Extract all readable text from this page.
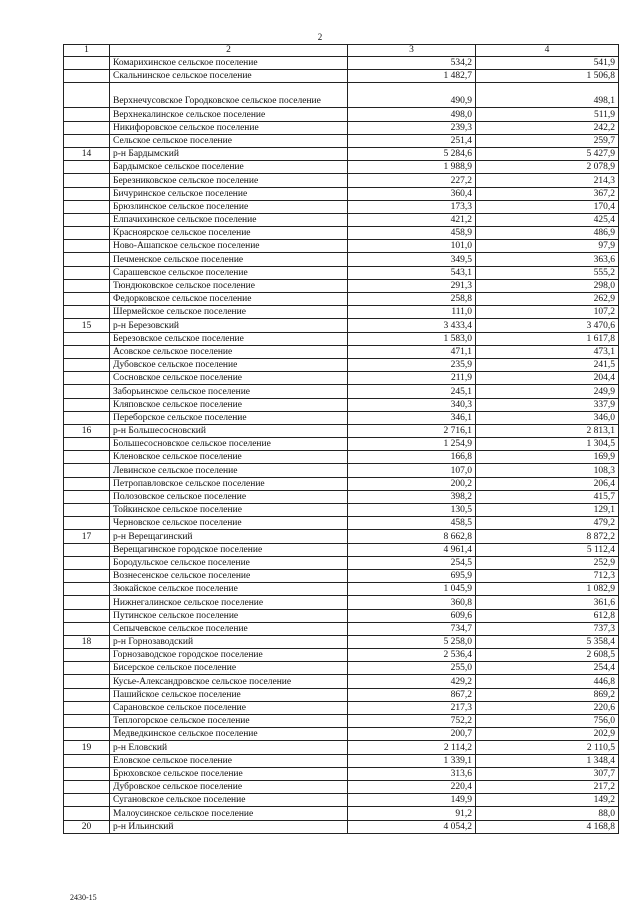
2
1	2	3	4
	Комарихинское сельское поселение	534,2	541,9
	Скальнинское сельское поселение	1 482,7	1 506,8
	Верхнечусовское Городковское сельское поселение	490,9	498,1
	Верхнекалинское сельское поселение	498,0	511,9
	Никифоровское сельское поселение	239,3	242,2
	Сельское сельское поселение	251,4	259,7
14	р-н Бардымский	5 284,6	5 427,9
	Бардымское сельское поселение	1 988,9	2 078,9
	Березниковское сельское поселение	227,2	214,3
	Бичуринское сельское поселение	360,4	367,2
	Брюзлинское сельское поселение	173,3	170,4
	Елпачихинское сельское поселение	421,2	425,4
	Красноярское сельское поселение	458,9	486,9
	Ново-Ашапское сельское поселение	101,0	97,9
	Печменское сельское поселение	349,5	363,6
	Сарашевское сельское поселение	543,1	555,2
	Тюндюковское сельское поселение	291,3	298,0
	Федорковское сельское поселение	258,8	262,9
	Шермейское сельское поселение	111,0	107,2
15	р-н Березовский	3 433,4	3 470,6
	Березовское сельское поселение	1 583,0	1 617,8
	Асовское сельское поселение	471,1	473,1
	Дубовское сельское поселение	235,9	241,5
	Сосновское сельское поселение	211,9	204,4
	Заборьинское сельское поселение	245,1	249,9
	Кляповское сельское поселение	340,3	337,9
	Переборское сельское поселение	346,1	346,0
16	р-н Большесосновский	2 716,1	2 813,1
	Большесосновское сельское поселение	1 254,9	1 304,5
	Кленовское сельское поселение	166,8	169,9
	Левинское сельское поселение	107,0	108,3
	Петропавловское сельское поселение	200,2	206,4
	Полозовское сельское поселение	398,2	415,7
	Тойкинское сельское поселение	130,5	129,1
	Черновское сельское поселение	458,5	479,2
17	р-н Верещагинский	8 662,8	8 872,2
	Верещагинское городское поселение	4 961,4	5 112,4
	Бородульское сельское поселение	254,5	252,9
	Вознесенское сельское поселение	695,9	712,3
	Зюкайское сельское поселение	1 045,9	1 082,9
	Нижнегалинское сельское поселение	360,8	361,6
	Путинское сельское поселение	609,6	612,8
	Сепычевское сельское поселение	734,7	737,3
18	р-н Горнозаводский	5 258,0	5 358,4
	Горнозаводское городское поселение	2 536,4	2 608,5
	Бисерское сельское поселение	255,0	254,4
	Кусье-Александровское сельское поселение	429,2	446,8
	Пашийское сельское поселение	867,2	869,2
	Сарановское сельское поселение	217,3	220,6
	Теплогорское сельское поселение	752,2	756,0
	Медведкинское сельское поселение	200,7	202,9
19	р-н Еловский	2 114,2	2 110,5
	Еловское сельское поселение	1 339,1	1 348,4
	Брюховское сельское поселение	313,6	307,7
	Дубровское сельское поселение	220,4	217,2
	Сугановское сельское поселение	149,9	149,2
	Малоусинское сельское поселение	91,2	88,0
20	р-н Ильинский	4 054,2	4 168,8
2430-15
